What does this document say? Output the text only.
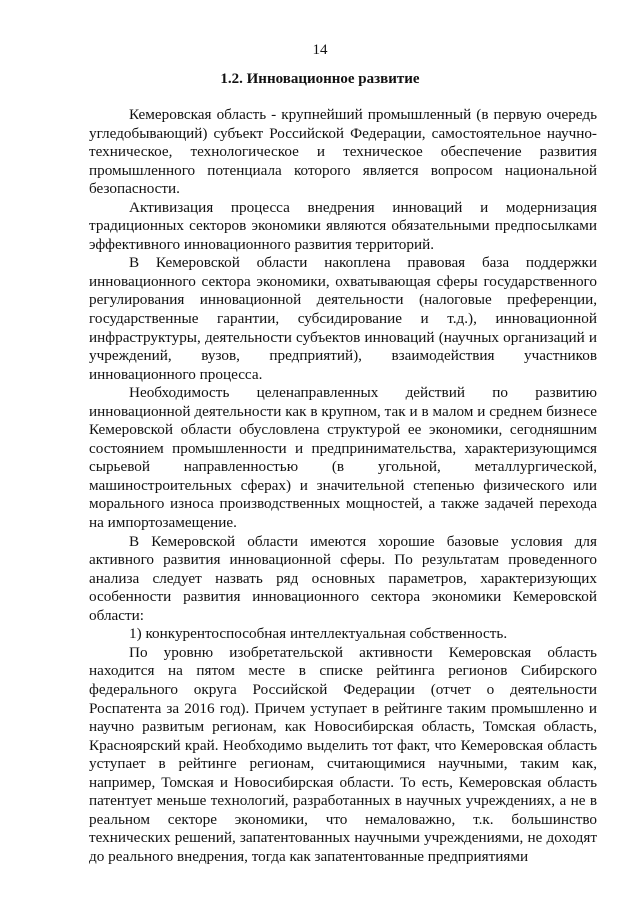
14
1.2. Инновационное развитие

Кемеровская область - крупнейший промышленный (в первую очередь угледобывающий) субъект Российской Федерации, самостоятельное научно-техническое, технологическое и техническое обеспечение развития промышленного потенциала которого является вопросом национальной безопасности.

Активизация процесса внедрения инноваций и модернизация традиционных секторов экономики являются обязательными предпосылками эффективного инновационного развития территорий.

В Кемеровской области накоплена правовая база поддержки инновационного сектора экономики, охватывающая сферы государственного регулирования инновационной деятельности (налоговые преференции, государственные гарантии, субсидирование и т.д.), инновационной инфраструктуры, деятельности субъектов инноваций (научных организаций и учреждений, вузов, предприятий), взаимодействия участников инновационного процесса.

Необходимость целенаправленных действий по развитию инновационной деятельности как в крупном, так и в малом и среднем бизнесе Кемеровской области обусловлена структурой ее экономики, сегодняшним состоянием промышленности и предпринимательства, характеризующимся сырьевой направленностью (в угольной, металлургической, машиностроительных сферах) и значительной степенью физического или морального износа производственных мощностей, а также задачей перехода на импортозамещение.

В Кемеровской области имеются хорошие базовые условия для активного развития инновационной сферы. По результатам проведенного анализа следует назвать ряд основных параметров, характеризующих особенности развития инновационного сектора экономики Кемеровской области:

1) конкурентоспособная интеллектуальная собственность.

По уровню изобретательской активности Кемеровская область находится на пятом месте в списке рейтинга регионов Сибирского федерального округа Российской Федерации (отчет о деятельности Роспатента за 2016 год). Причем уступает в рейтинге таким промышленно и научно развитым регионам, как Новосибирская область, Томская область, Красноярский край. Необходимо выделить тот факт, что Кемеровская область уступает в рейтинге регионам, считающимися научными, таким как, например, Томская и Новосибирская области. То есть, Кемеровская область патентует меньше технологий, разработанных в научных учреждениях, а не в реальном секторе экономики, что немаловажно, т.к. большинство технических решений, запатентованных научными учреждениями, не доходят до реального внедрения, тогда как запатентованные предприятиями
